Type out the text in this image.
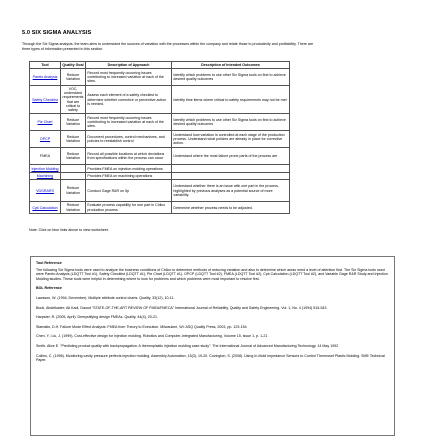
5.0 SIX SIGMA ANALYSIS
Through the Six Sigma analysis, the team aims to understand the sources of variation with the processes within the company and relate those to productivity and profitability. There are three types of information presented in this section.
Tool	Quality Goal	Description of Approach	Description of Intended Outcomes
Pareto Analysis	Reduce Variation	Record most frequently occurring issues contributing to increased variation at each of the sites.	Identify which problems to use other Six Sigma tools on first to achieve desired quality outcomes
Safety Checklist	VOC, understand requirements that are critical to safety	Assess each element of a safety checklist to determine whether corrective or preventive action is needed.	Identify time items where critical to safety requirements may not be met
Pie Chart	Reduce Variation	Record most frequently occurring issues contributing to increased variation at each of the sites.	Identify which problems to use other Six Sigma tools on first to achieve desired quality outcomes
OPCP	Reduce Variation	Document procedures, control mechanisms, and policies to reestablish control	Understand how variation is controlled at each stage of the production process. Understand what policies are already in place for corrective action.
FMEA	Reduce Variation	Record all possible locations at which deviations from specifications within the process can occur	Understand where the most failure prone parts of the process are
Injection Molding		Provides FMEA on injection molding operations	
Machining		Provides FMEA on machining operations	
VDGRARS	Reduce Variation	Conduct Gage R&R on 5p	Understand whether there is an issue with one part in the process, highlighted by previous analyses as a potential source of more variability.
Cpk Calculation	Reduce Variation	Evaluate process capability for one part in Chilco production process	Determine whether process needs to be adjusted.
Note: Click on blue links above to view worksheet.
Tool Reference

The following Six Sigma tools were used to analyze the business conditions of Chilco to determine methods of reducing variation and also to determine which areas need a level of attention first. The Six Sigma tools used were Pareto Analysis (LDQTT Tool #1), Safety Checklist (LDQTT #1), Pie Chart (LDQTT #1), OPCP (LDQTT Tool #2), FMEA (LDQTT Tool #2), Cpk Calculation (LDQTT Tool #2), and Variable Gage R&R Study and Injection Molding studies. These tools were helpful in determining where to look for problems and which problems were most important to resolve first.

BOL Reference

Lawsson, W. (1994, December). Multiple attribute control charts. Quality, 33(12), 10-11.

Bouti, Abdelkader; Ait Kadi, Daoud "STATE-OF-THE-ART REVIEW OF FMEA/FMECA" International Journal of Reliability, Quality and Safety Engineering. Vol. 1, No. 4 (1994) 515-543

Harpster, R. (2005, April). Demystifying design FMEAs. Quality, 44(4), 20-21.

Stamatis, D.H. Failure Mode Effect Analysis: FMEA from Theory to Execution. Milwaukee, WI: ASQ Quality Press, 2003, pp. 129-154

Chen, Y.; Liu, J. (1999). Cost-effective design for injection molding. Robotics and Computer-Integrated Manufacturing, Volume 15, issue 1, p. 1-21

Smith, Alice E. "Predicting product quality with backpropagation: A thermoplastic injection molding case study". The International Journal of Advanced Manufacturing Technology. 14 May 1992

Collins, C. (1996). Monitoring cavity pressure perfects injection molding. Assembly Automation, 15(3), 19-20. Covington, S. (2008). Using In-Mold Impedance Sensors to Control Thermoset Plastic Molding. SME Technical Paper.
